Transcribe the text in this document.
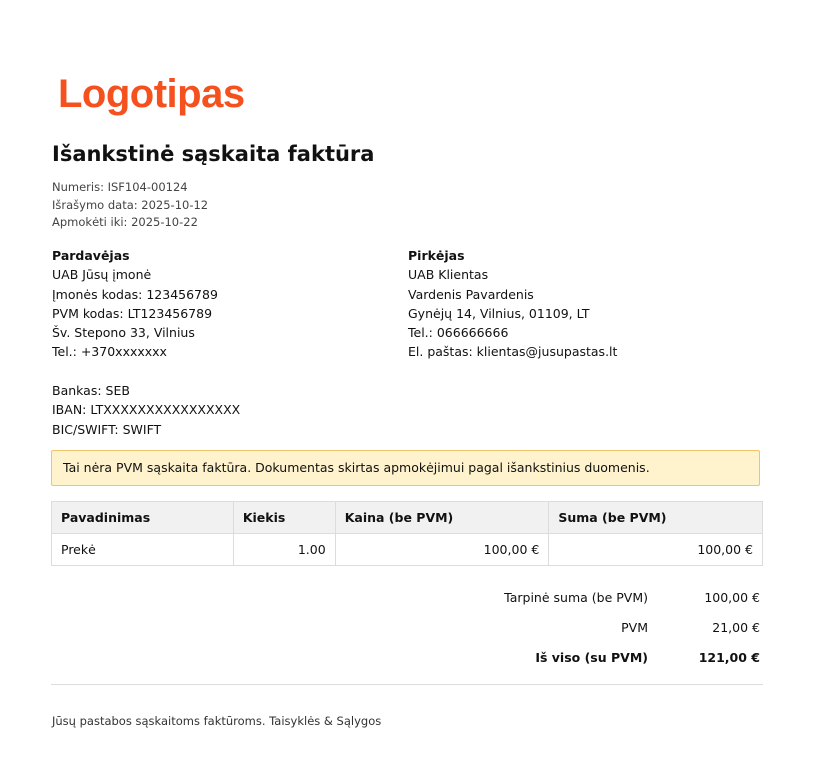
Logotipas
Išankstinė sąskaita faktūra
Numeris: ISF104-00124
Išrašymo data: 2025-10-12
Apmokėti iki: 2025-10-22
Pardavėjas
UAB Jūsų įmonė
Įmonės kodas: 123456789
PVM kodas: LT123456789
Šv. Stepono 33, Vilnius
Tel.: +370xxxxxxx
Bankas: SEB
IBAN: LTXXXXXXXXXXXXXXXX
BIC/SWIFT: SWIFT
Pirkėjas
UAB Klientas
Vardenis Pavardenis
Gynėjų 14, Vilnius, 01109, LT
Tel.: 066666666
El. paštas: klientas@jusupastas.lt
Tai nėra PVM sąskaita faktūra. Dokumentas skirtas apmokėjimui pagal išankstinius duomenis.
Pavadinimas	Kiekis	Kaina (be PVM)	Suma (be PVM)
Prekė	1.00	100,00 €	100,00 €
Tarpinė suma (be PVM)	100,00 €
PVM	21,00 €
Iš viso (su PVM)	121,00 €
Jūsų pastabos sąskaitoms faktūroms. Taisyklės & Sąlygos
